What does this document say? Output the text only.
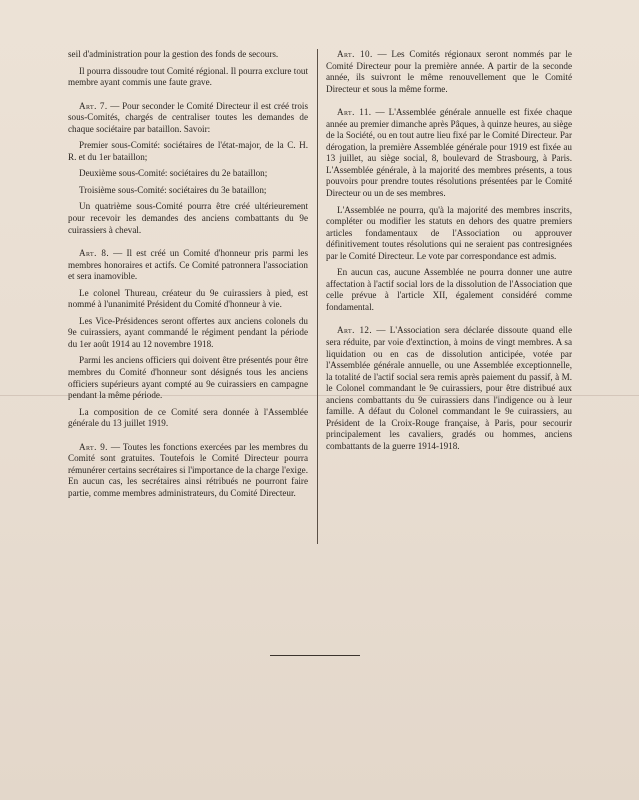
seil d'administration pour la gestion des fonds de secours.

Il pourra dissoudre tout Comité régional. Il pourra exclure tout membre ayant commis une faute grave.

Art. 7. — Pour seconder le Comité Directeur il est créé trois sous-Comités, chargés de centraliser toutes les demandes de chaque sociétaire par bataillon. Savoir:

Premier sous-Comité: sociétaires de l'état-major, de la C. H. R. et du 1er bataillon;

Deuxième sous-Comité: sociétaires du 2e bataillon;

Troisième sous-Comité: sociétaires du 3e bataillon;

Un quatrième sous-Comité pourra être créé ultérieurement pour recevoir les demandes des anciens combattants du 9e cuirassiers à cheval.

Art. 8. — Il est créé un Comité d'honneur pris parmi les membres honoraires et actifs. Ce Comité patronnera l'association et sera inamovible.

Le colonel Thureau, créateur du 9e cuirassiers à pied, est nommé à l'unanimité Président du Comité d'honneur à vie.

Les Vice-Présidences seront offertes aux anciens colonels du 9e cuirassiers, ayant commandé le régiment pendant la période du 1er août 1914 au 12 novembre 1918.

Parmi les anciens officiers qui doivent être présentés pour être membres du Comité d'honneur sont désignés tous les anciens officiers supérieurs ayant compté au 9e cuirassiers en campagne pendant la même période.

La composition de ce Comité sera donnée à l'Assemblée générale du 13 juillet 1919.

Art. 9. — Toutes les fonctions exercées par les membres du Comité sont gratuites. Toutefois le Comité Directeur pourra rémunérer certains secrétaires si l'importance de la charge l'exige. En aucun cas, les secrétaires ainsi rétribués ne pourront faire partie, comme membres administrateurs, du Comité Directeur.

Art. 10. — Les Comités régionaux seront nommés par le Comité Directeur pour la première année. A partir de la seconde année, ils suivront le même renouvellement que le Comité Directeur et sous la même forme.

Art. 11. — L'Assemblée générale annuelle est fixée chaque année au premier dimanche après Pâques, à quinze heures, au siège de la Société, ou en tout autre lieu fixé par le Comité Directeur. Par dérogation, la première Assemblée générale pour 1919 est fixée au 13 juillet, au siège social, 8, boulevard de Strasbourg, à Paris. L'Assemblée générale, à la majorité des membres présents, a tous pouvoirs pour prendre toutes résolutions présentées par le Comité Directeur ou un de ses membres.

L'Assemblée ne pourra, qu'à la majorité des membres inscrits, compléter ou modifier les statuts en dehors des quatre premiers articles fondamentaux de l'Association ou approuver définitivement toutes résolutions qui ne seraient pas contresignées par le Comité Directeur. Le vote par correspondance est admis.

En aucun cas, aucune Assemblée ne pourra donner une autre affectation à l'actif social lors de la dissolution de l'Association que celle prévue à l'article XII, également considéré comme fondamental.

Art. 12. — L'Association sera déclarée dissoute quand elle sera réduite, par voie d'extinction, à moins de vingt membres. A sa liquidation ou en cas de dissolution anticipée, votée par l'Assemblée générale annuelle, ou une Assemblée exceptionnelle, la totalité de l'actif social sera remis après paiement du passif, à M. le Colonel commandant le 9e cuirassiers, pour être distribué aux anciens combattants du 9e cuirassiers dans l'indigence ou à leur famille. A défaut du Colonel commandant le 9e cuirassiers, au Président de la Croix-Rouge française, à Paris, pour secourir principalement les cavaliers, gradés ou hommes, anciens combattants de la guerre 1914-1918.
